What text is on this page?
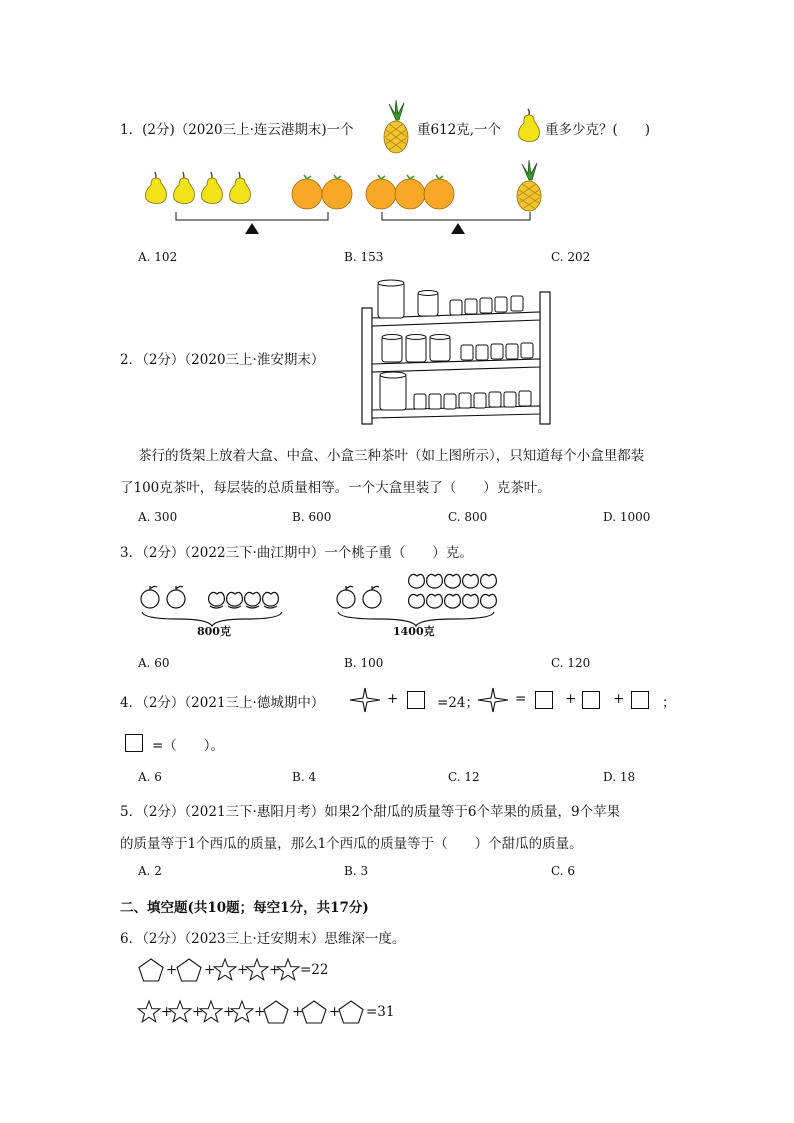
1．(2分)（2020三上·连云港期末)一个	重612克,一个	重多少克？(　　)
A. 102	B. 153	C. 202
2．（2分）（2020三上·淮安期末）
茶行的货架上放着大盒、中盒、小盒三种茶叶（如上图所示），只知道每个小盒里都装
了100克茶叶，每层装的总质量相等。一个大盒里装了（　　）克茶叶。
A. 300	B. 600	C. 800	D. 1000
3．（2分）（2022三下·曲江期中）一个桃子重（　　）克。
800克	1400克
A. 60	B. 100	C. 120
4．（2分）（2021三上·德城期中）	+	=24；	=	+	+	；
=（　　）。
A. 6	B. 4	C. 12	D. 18
5．（2分）（2021三下·惠阳月考）如果2个甜瓜的质量等于6个苹果的质量，9个苹果
的质量等于1个西瓜的质量，那么1个西瓜的质量等于（　　）个甜瓜的质量。
A. 2	B. 3	C. 6
二、填空题(共10题；每空1分，共17分)
6．（2分）（2023三上·迁安期末）思维深一度。
+ + + + =22
+ + + + + + =31
